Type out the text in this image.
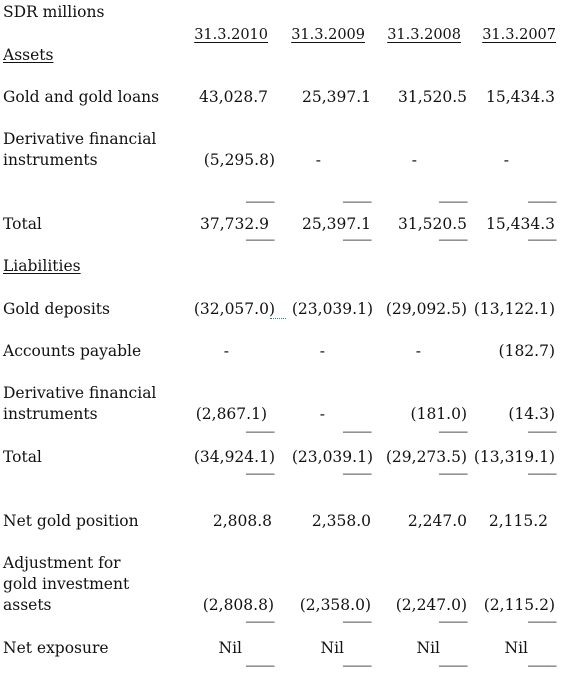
SDR millions
31.3.2010 31.3.2009 31.3.2008 31.3.2007
Assets
Gold and gold loans	43,028.7 25,397.1 31,520.5 15,434.3
Derivative financial
instruments	(5,295.8)	-	-	-
------------	------------	------------	------------
Total	37,732.9 25,397.1 31,520.5 15,434.3
------------	------------	------------	------------
Liabilities
Gold deposits	(32,057.0) (23,039.1) (29,092.5) (13,122.1)
Accounts payable	-	-	-	(182.7)
Derivative financial
instruments	(2,867.1)	-	(181.0)	(14.3)
------------	------------	------------	------------
Total	(34,924.1) (23,039.1) (29,273.5) (13,319.1)
------------	------------	------------	------------
Net gold position	2,808.8	2,358.0 2,247.0 2,115.2
Adjustment for
gold investment
assets	(2,808.8) (2,358.0) (2,247.0) (2,115.2)
------------	------------	------------	------------
Net exposure	Nil	Nil	Nil	Nil
------------	------------	------------	------------
